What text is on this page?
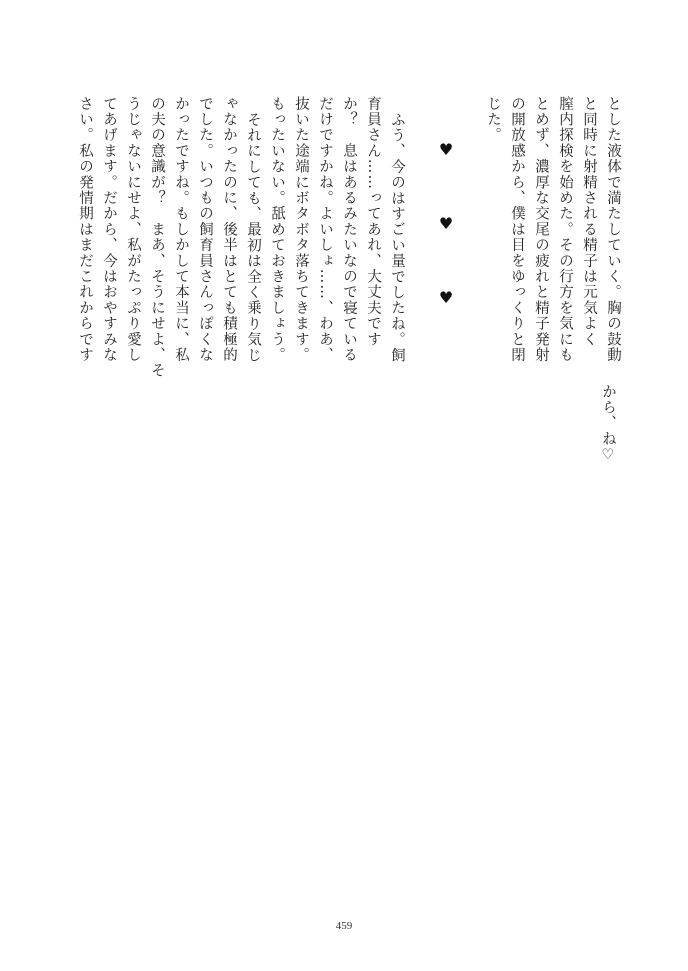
から、ね♡
とした液体で満たしていく。胸の鼓動
と同時に射精される精子は元気よく
膣内探検を始めた。その行方を気にも
とめず、濃厚な交尾の疲れと精子発射
の開放感から、僕は目をゆっくりと閉
じた。
♥
♥
♥
ふう、今のはすごい量でしたね。飼
育員さん……ってあれ、大丈夫です
か？　息はあるみたいなので寝ている
だけですかね。よいしょ……、わあ、
抜いた途端にボタボタ落ちてきます。
もったいない。舐めておきましょう。
それにしても、最初は全く乗り気じ
ゃなかったのに、後半はとても積極的
でした。いつもの飼育員さんっぽくな
かったですね。もしかして本当に、私
の夫の意識が？　まあ、そうにせよ、そ
うじゃないにせよ、私がたっぷり愛し
てあげます。だから、今はおやすみな
さい。私の発情期はまだこれからです
459
